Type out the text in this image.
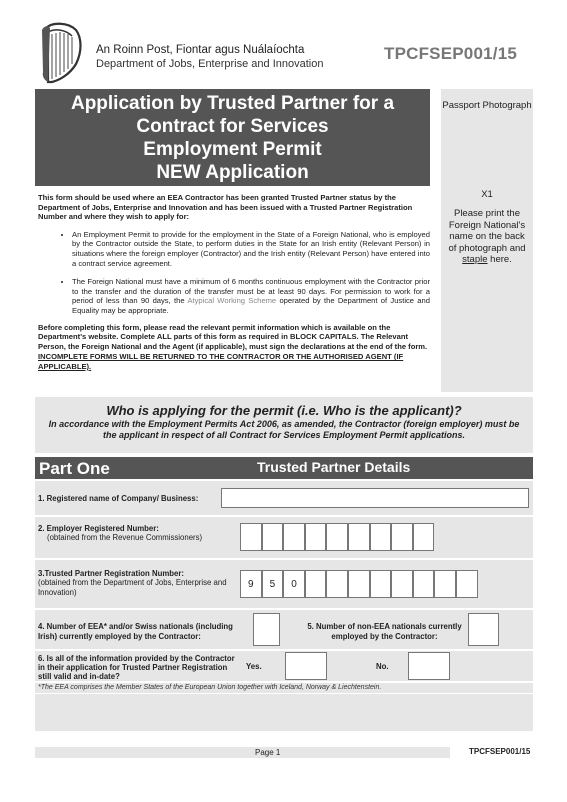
An Roinn Post, Fiontar agus Nuálaíochta
Department of Jobs, Enterprise and Innovation
TPCFSEP001/15
Application by Trusted Partner for a
Contract for Services
Employment Permit
NEW Application
Passport Photograph
X1
Please print the Foreign National's name on the back of photograph and staple here.

This form should be used where an EEA Contractor has been granted Trusted Partner status by the Department of Jobs, Enterprise and Innovation and has been issued with a Trusted Partner Registration Number and where they wish to apply for:

• An Employment Permit to provide for the employment in the State of a Foreign National, who is employed by the Contractor outside the State, to perform duties in the State for an Irish entity (Relevant Person) in situations where the foreign employer (Contractor) and the Irish entity (Relevant Person) have entered into a contract service agreement.
• The Foreign National must have a minimum of 6 months continuous employment with the Contractor prior to the transfer and the duration of the transfer must be at least 90 days. For permission to work for a period of less than 90 days, the Atypical Working Scheme operated by the Department of Justice and Equality may be appropriate.

Before completing this form, please read the relevant permit information which is available on the Department's website. Complete ALL parts of this form as required in BLOCK CAPITALS. The Relevant Person, the Foreign National and the Agent (if applicable), must sign the declarations at the end of the form.

INCOMPLETE FORMS WILL BE RETURNED TO THE CONTRACTOR OR THE AUTHORISED AGENT (IF APPLICABLE).

Who is applying for the permit (i.e. Who is the applicant)?
In accordance with the Employment Permits Act 2006, as amended, the Contractor (foreign employer) must be the applicant in respect of all Contract for Services Employment Permit applications.
Part One	Trusted Partner Details
1. Registered name of Company/ Business:
2. Employer Registered Number:
(obtained from the Revenue Commissioners)
3.Trusted Partner Registration Number:
(obtained from the Department of Jobs, Enterprise and Innovation)
9	5	0
4. Number of EEA* and/or Swiss nationals (including Irish) currently employed by the Contractor:
5. Number of non-EEA nationals currently employed by the Contractor:
6. Is all of the information provided by the Contractor in their application for Trusted Partner Registration still valid and in-date?
Yes.	No.
*The EEA comprises the Member States of the European Union together with Iceland, Norway & Liechtenstein.
Page 1	TPCFSEP001/15
